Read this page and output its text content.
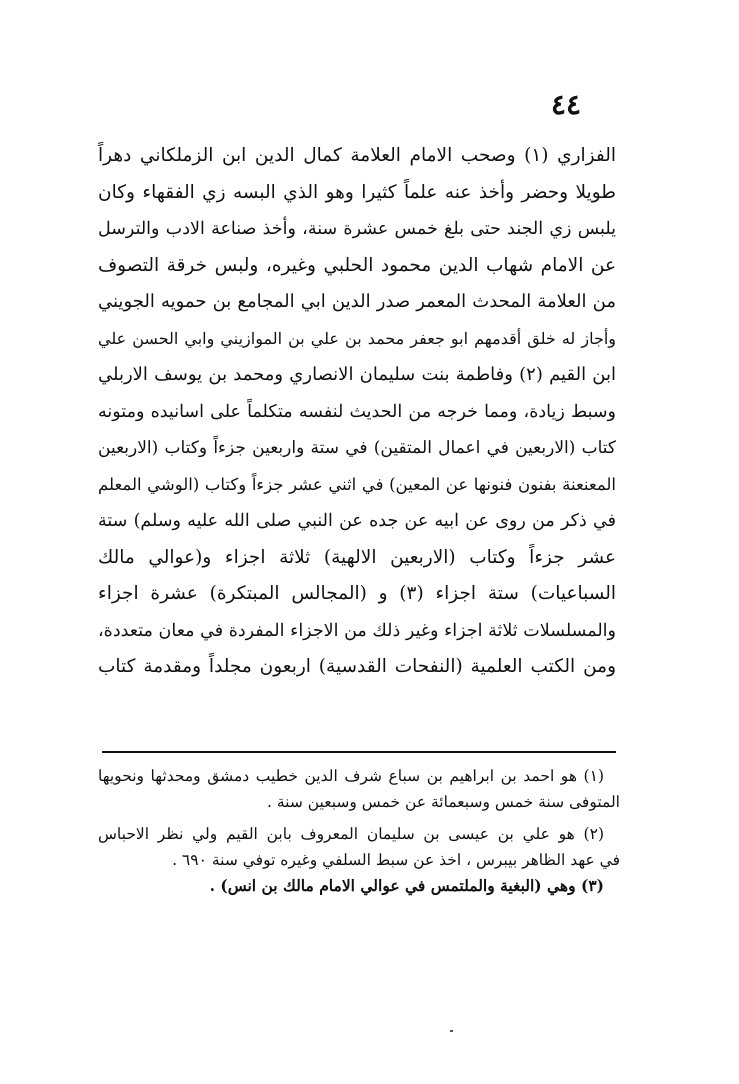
٤٤
الفزاري (١) وصحب الامام العلامة كمال الدين ابن الزملكاني دهراً
طويلا وحضر وأخذ عنه علماً كثيرا وهو الذي البسه زي الفقهاء وكان
يلبس زي الجند حتى بلغ خمس عشرة سنة، وأخذ صناعة الادب والترسل
عن الامام شهاب الدين محمود الحلبي وغيره، ولبس خرقة التصوف
من العلامة المحدث المعمر صدر الدين ابي المجامع بن حمويه الجويني
وأجاز له خلق أقدمهم ابو جعفر محمد بن علي بن الموازيني وابي الحسن علي
ابن القيم (٢) وفاطمة بنت سليمان الانصاري ومحمد بن يوسف الاربلي
وسبط زيادة، ومما خرجه من الحديث لنفسه متكلماً على اسانيده ومتونه
كتاب (الاربعين في اعمال المتقين) في ستة واربعين جزءاً وكتاب (الاربعين
المعنعنة بفنون فنونها عن المعين) في اثني عشر جزءاً وكتاب (الوشي المعلم
في ذكر من روى عن ابيه عن جده عن النبي صلى الله عليه وسلم) ستة
عشر جزءاً وكتاب (الاربعين الالهية) ثلاثة اجزاء و(عوالي مالك
السباعيات) ستة اجزاء (٣) و (المجالس المبتكرة) عشرة اجزاء
والمسلسلات ثلاثة اجزاء وغير ذلك من الاجزاء المفردة في معان متعددة،
ومن الكتب العلمية (النفحات القدسية) اربعون مجلداً ومقدمة كتاب
(١) هو احمد بن ابراهيم بن سباع شرف الدين خطيب دمشق ومحدثها ونحويها
المتوفى سنة خمس وسبعمائة عن خمس وسبعين سنة .
(٢) هو علي بن عيسى بن سليمان المعروف بابن القيم ولي نظر الاحباس
في عهد الظاهر بيبرس ، اخذ عن سبط السلفي وغيره توفي سنة ٦٩٠ .
(٣) وهي (البغية والملتمس في عوالي الامام مالك بن انس) .
